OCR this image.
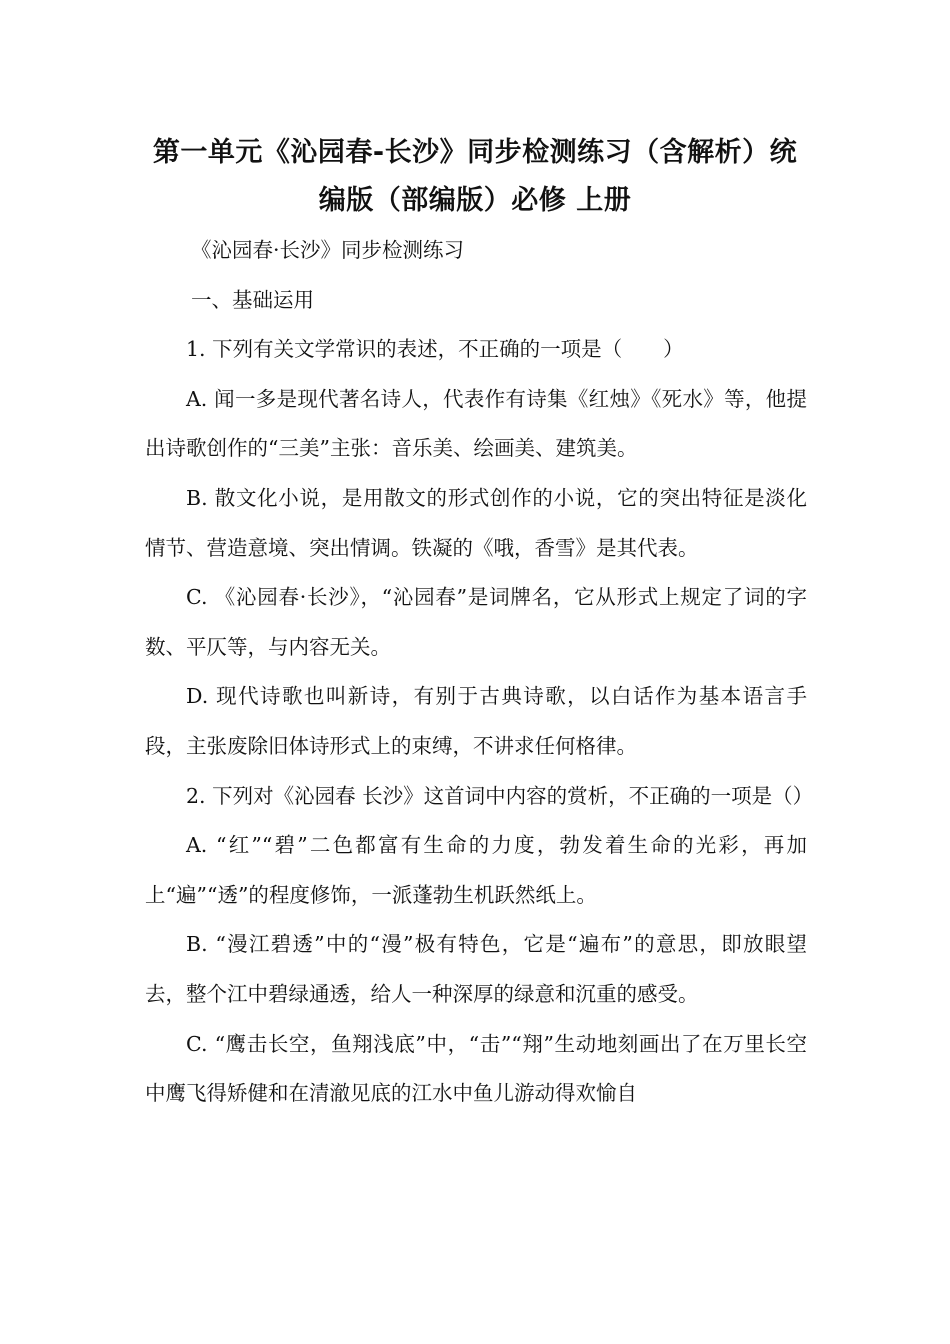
第一单元《沁园春-长沙》同步检测练习（含解析）统
编版（部编版）必修 上册

《沁园春·长沙》同步检测练习

一、基础运用

1. 下列有关文学常识的表述，不正确的一项是（　　）

A. 闻一多是现代著名诗人，代表作有诗集《红烛》《死水》等，他提出诗歌创作的“三美”主张：音乐美、绘画美、建筑美。

B. 散文化小说，是用散文的形式创作的小说，它的突出特征是淡化情节、营造意境、突出情调。铁凝的《哦，香雪》是其代表。

C. 《沁园春·长沙》，“沁园春”是词牌名，它从形式上规定了词的字数、平仄等，与内容无关。

D. 现代诗歌也叫新诗，有别于古典诗歌，以白话作为基本语言手段，主张废除旧体诗形式上的束缚，不讲求任何格律。

2. 下列对《沁园春 长沙》这首词中内容的赏析，不正确的一项是（）

A. “红”“碧”二色都富有生命的力度，勃发着生命的光彩，再加上“遍”“透”的程度修饰，一派蓬勃生机跃然纸上。

B. “漫江碧透”中的“漫”极有特色，它是“遍布”的意思，即放眼望去，整个江中碧绿通透，给人一种深厚的绿意和沉重的感受。

C. “鹰击长空，鱼翔浅底”中，“击”“翔”生动地刻画出了在万里长空中鹰飞得矫健和在清澈见底的江水中鱼儿游动得欢愉自
